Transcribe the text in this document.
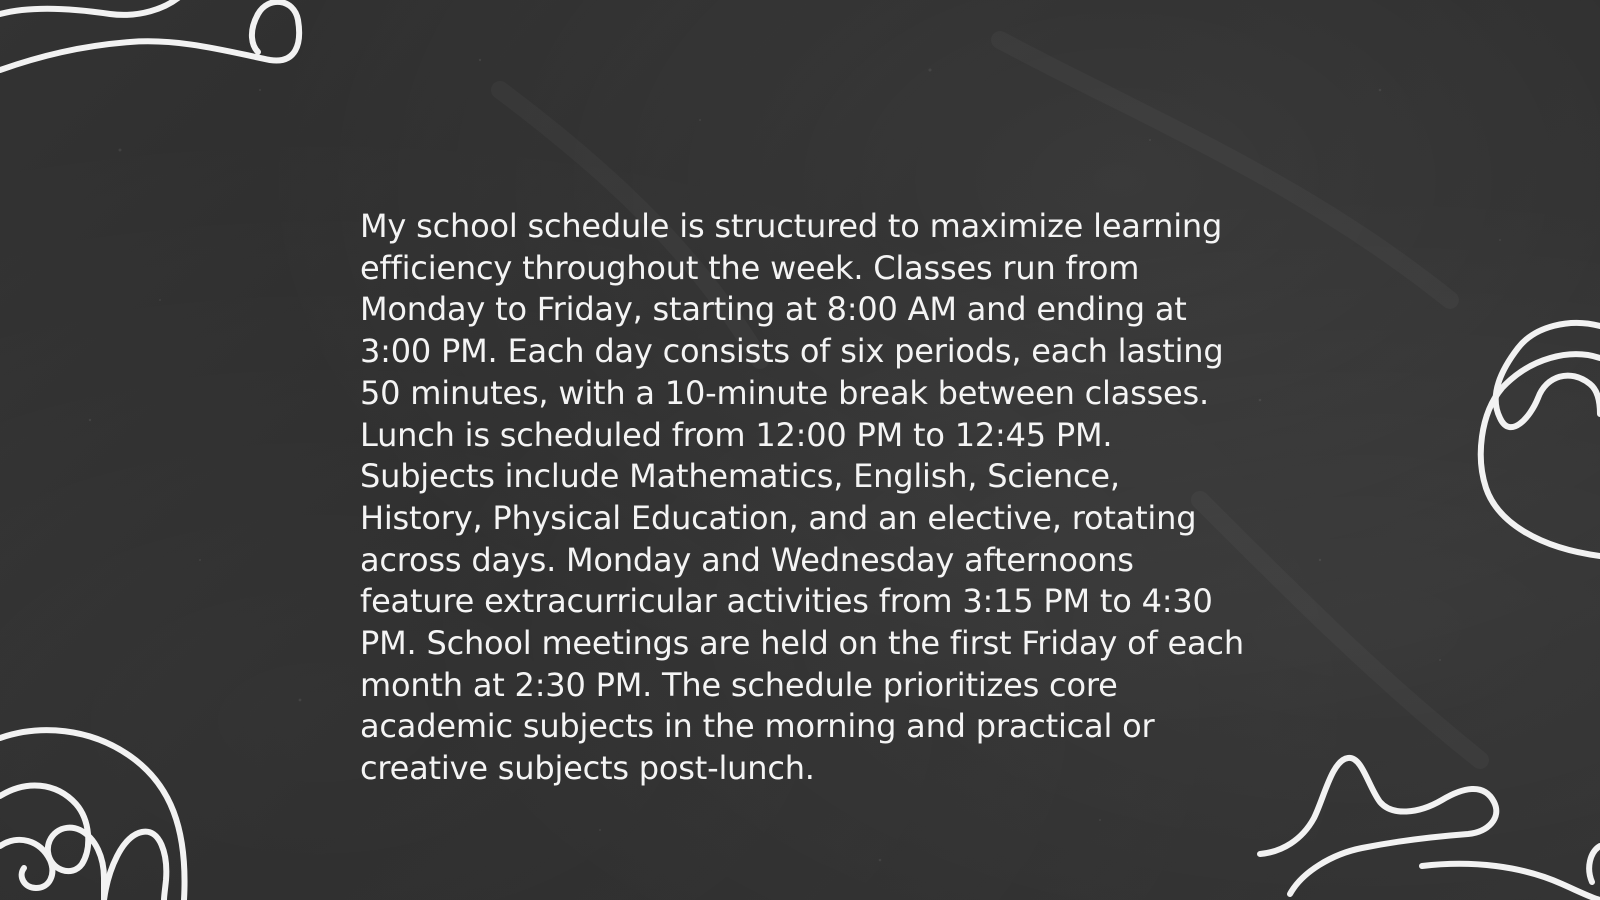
My school schedule is structured to maximize learning efficiency throughout the week. Classes run from Monday to Friday, starting at 8:00 AM and ending at 3:00 PM. Each day consists of six periods, each lasting 50 minutes, with a 10-minute break between classes. Lunch is scheduled from 12:00 PM to 12:45 PM. Subjects include Mathematics, English, Science, History, Physical Education, and an elective, rotating across days. Monday and Wednesday afternoons feature extracurricular activities from 3:15 PM to 4:30 PM. School meetings are held on the first Friday of each month at 2:30 PM. The schedule prioritizes core academic subjects in the morning and practical or creative subjects post-lunch.
